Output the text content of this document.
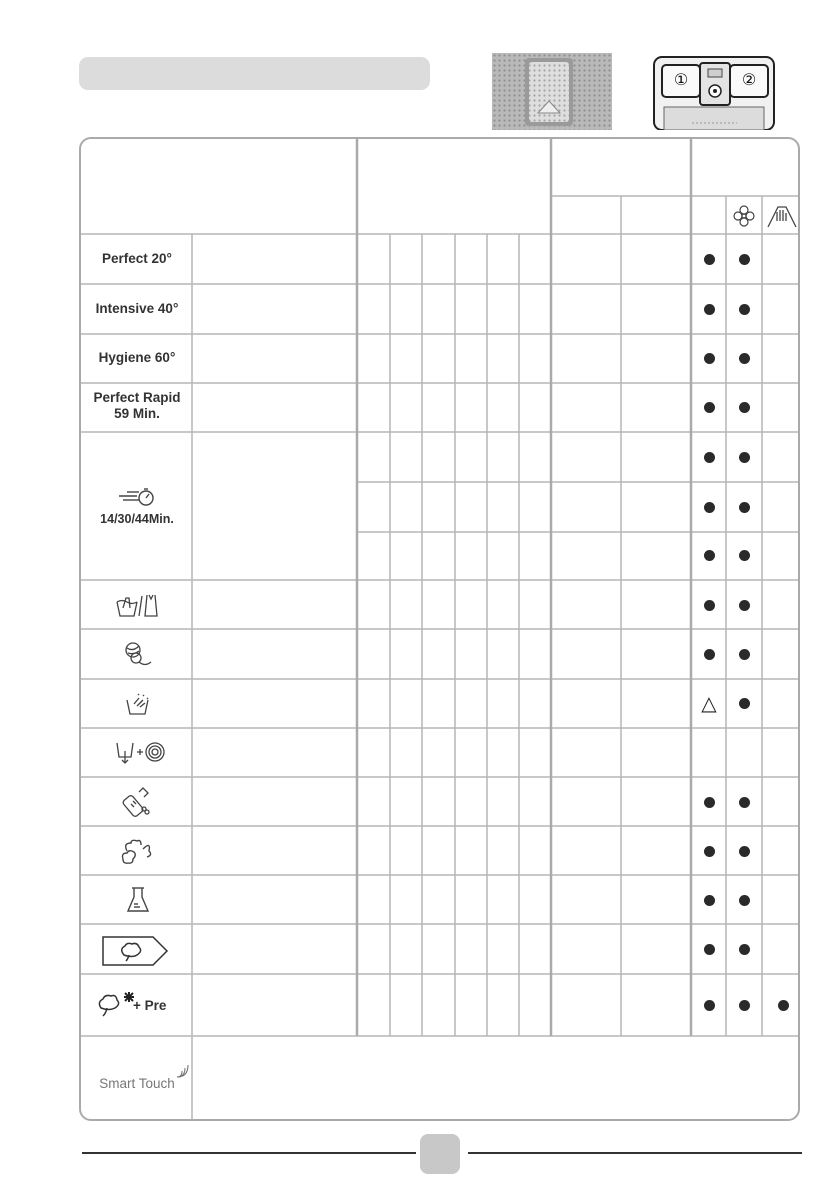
①	②
Perfect 20°
Intensive 40°
Hygiene 60°
Perfect Rapid
59 Min.
14/30/44Min.
+ Pre
Smart Touch
△
